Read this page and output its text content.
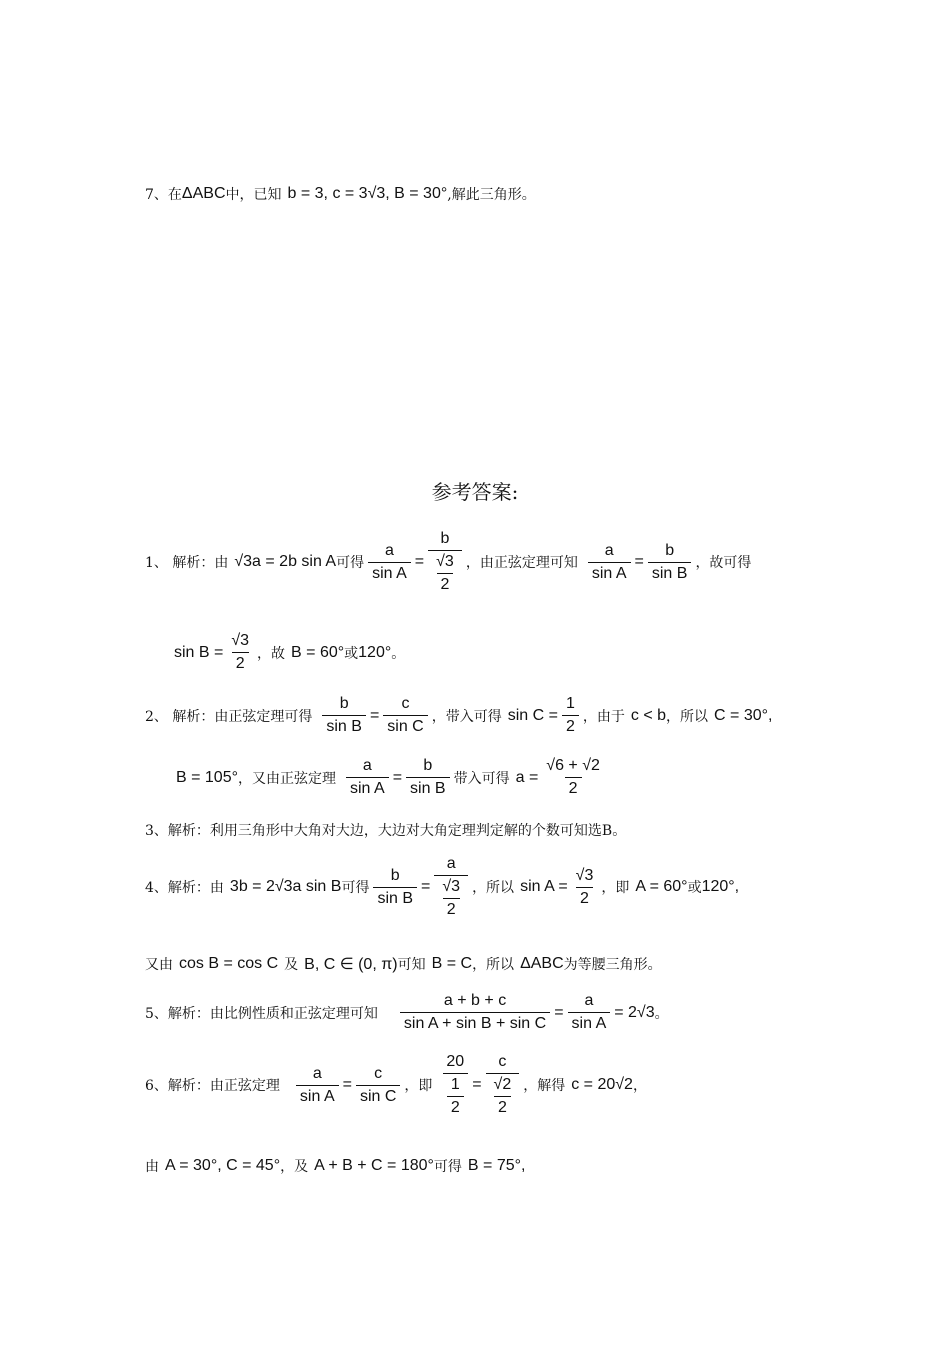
7、在 ΔABC 中，已知 b = 3, c = 3√3, B = 30° ,解此三角形。
参考答案:
1、 解析：由 √3a = 2b sin A 可得 $\frac{a}{\text{sin A}} = \frac{b}{\frac{√3}{2}}$ ，由正弦定理可知 $\frac{a}{\text{sin A}} = \frac{b}{\text{sin B}}$ ，故可得
$\sin B = \frac{√3}{2}$ ，故 B = 60° 或 120° 。
2、 解析：由正弦定理可得 $\frac{b}{\text{sin B}} = \frac{c}{\text{sin C}}$ ，带入可得 $\sin C = \frac{1}{2}$ ，由于 c < b ，所以 C = 30°,
B = 105° ，又由正弦定理 $\frac{a}{\text{sin A}} = \frac{b}{\text{sin B}}$ 带入可得 $a = \frac{√6 + √2}{2}$
3、解析：利用三角形中大角对大边，大边对大角定理判定解的个数可知选B。
4、解析：由 3b = 2√3a sin B 可得 $\frac{b}{\text{sin B}} = \frac{a}{\frac{√3}{2}}$ ，所以 $\sin A = \frac{√3}{2}$ ，即 A = 60° 或 120°,
又由 cos B = cos C 及 B, C ∈ (0, π) 可知 B = C ，所以 ΔABC 为等腰三角形。
5、解析：由比例性质和正弦定理可知 $\frac{a + b + c}{\text{sin A + sin B + sin C}} = \frac{a}{\text{sin A}} = 2√3$ 。
6、解析：由正弦定理 $\frac{a}{\text{sin A}} = \frac{c}{\text{sin C}}$ ，即 $\frac{20}{\frac{1}{2}} = \frac{c}{\frac{√2}{2}}$ ，解得 c = 20√2 ，
由 A = 30°, C = 45° ，及 A + B + C = 180° 可得 B = 75°,
